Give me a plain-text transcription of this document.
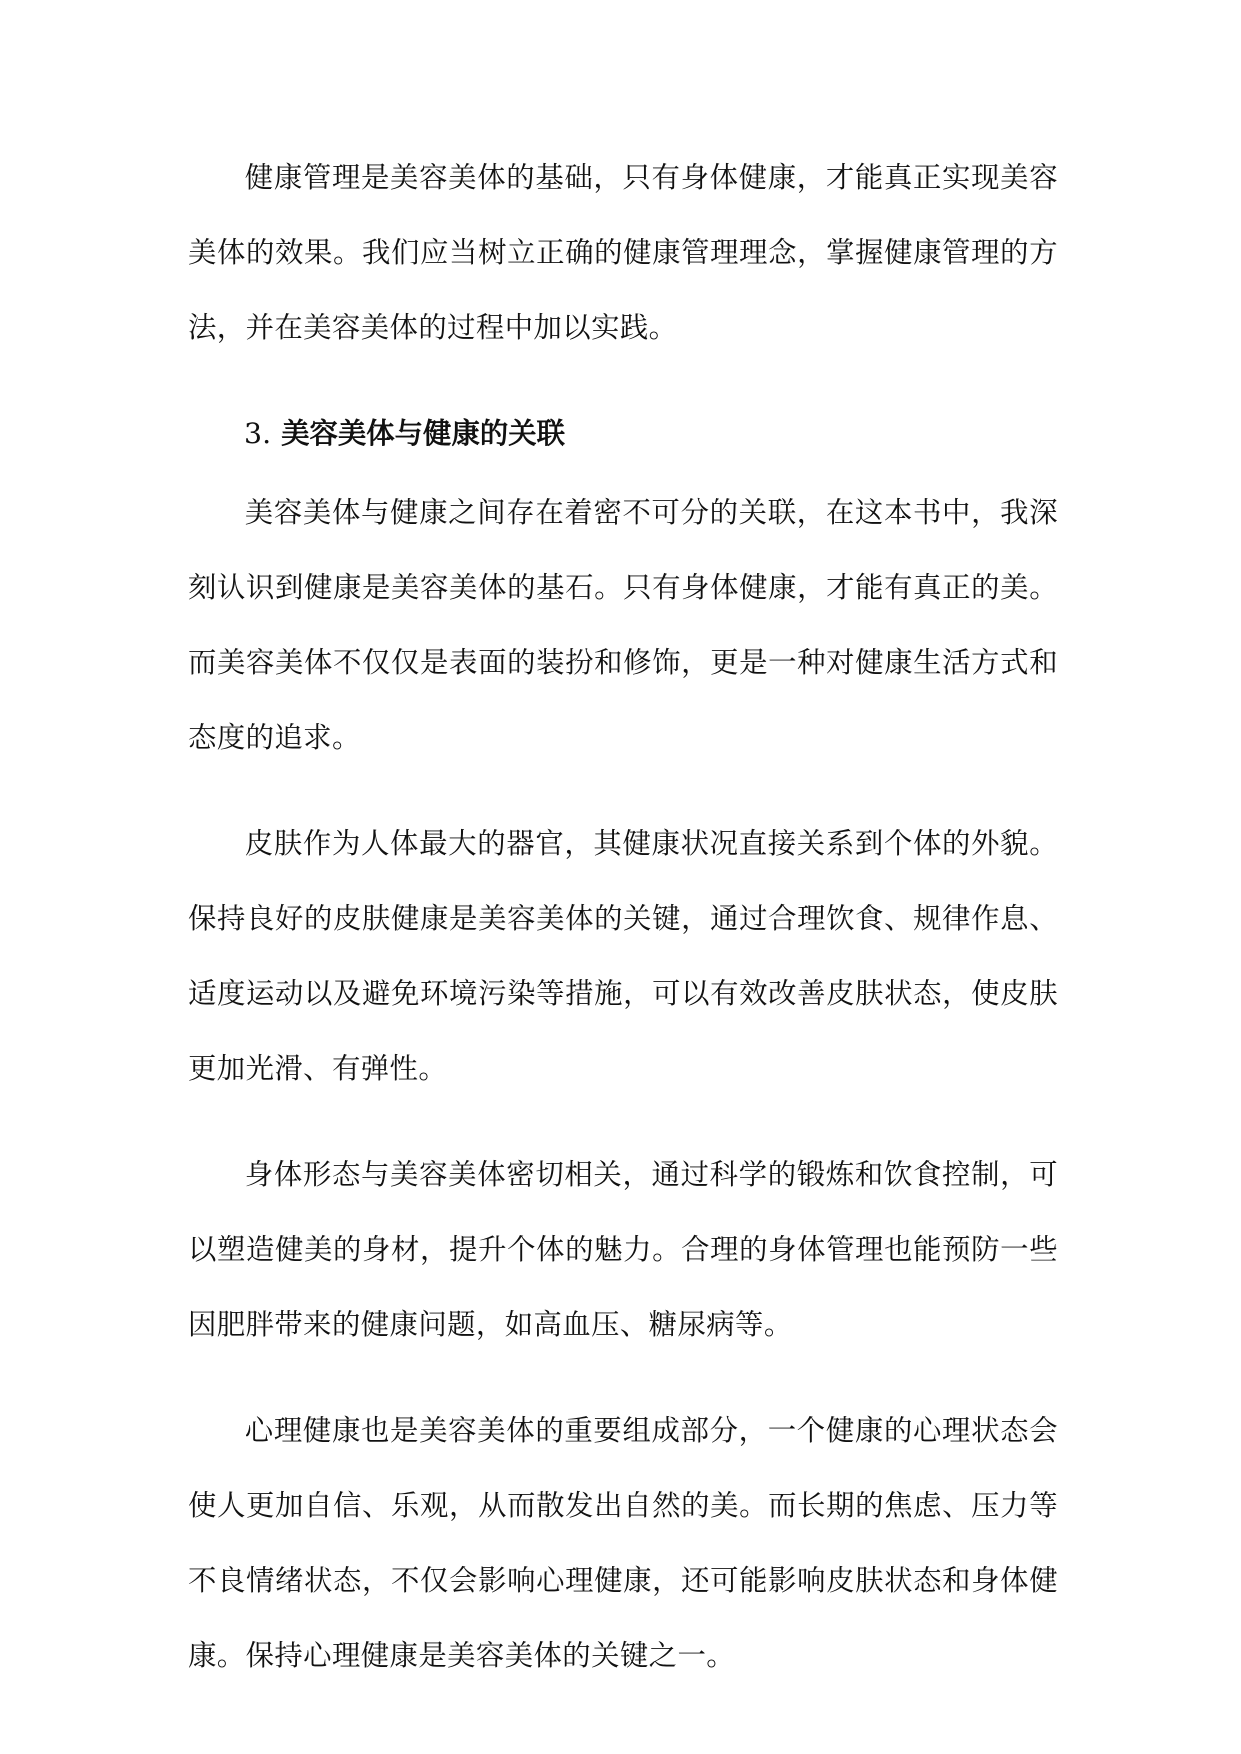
健康管理是美容美体的基础，只有身体健康，才能真正实现美容美体的效果。我们应当树立正确的健康管理理念，掌握健康管理的方法，并在美容美体的过程中加以实践。

3. 美容美体与健康的关联

美容美体与健康之间存在着密不可分的关联，在这本书中，我深刻认识到健康是美容美体的基石。只有身体健康，才能有真正的美。而美容美体不仅仅是表面的装扮和修饰，更是一种对健康生活方式和态度的追求。

皮肤作为人体最大的器官，其健康状况直接关系到个体的外貌。保持良好的皮肤健康是美容美体的关键，通过合理饮食、规律作息、适度运动以及避免环境污染等措施，可以有效改善皮肤状态，使皮肤更加光滑、有弹性。

身体形态与美容美体密切相关，通过科学的锻炼和饮食控制，可以塑造健美的身材，提升个体的魅力。合理的身体管理也能预防一些因肥胖带来的健康问题，如高血压、糖尿病等。

心理健康也是美容美体的重要组成部分，一个健康的心理状态会使人更加自信、乐观，从而散发出自然的美。而长期的焦虑、压力等不良情绪状态，不仅会影响心理健康，还可能影响皮肤状态和身体健康。保持心理健康是美容美体的关键之一。
